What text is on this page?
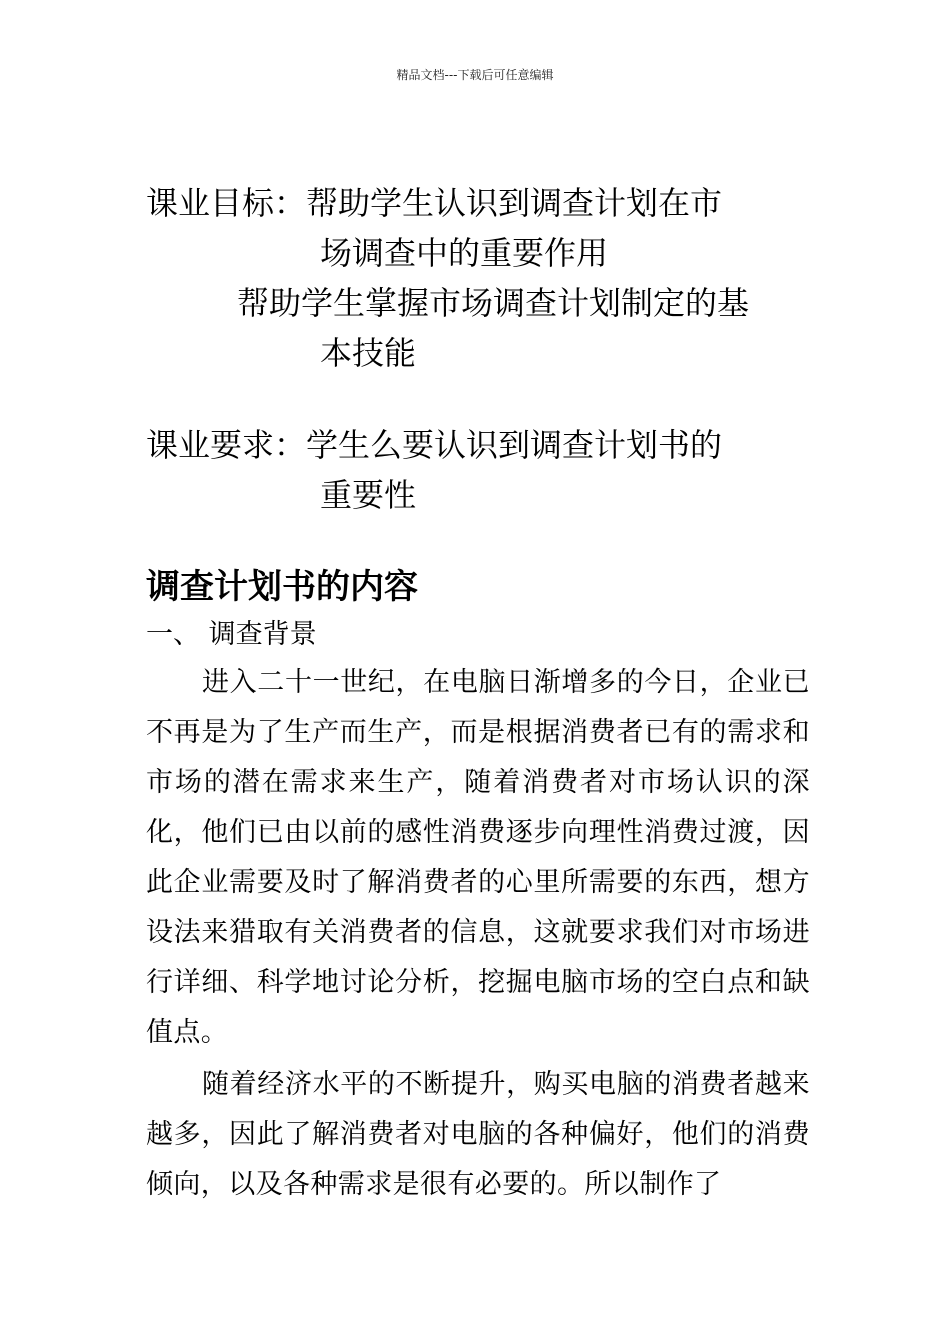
精品文档---下载后可任意编辑

课业目标：帮助学生认识到调查计划在市

场调查中的重要作用

帮助学生掌握市场调查计划制定的基

本技能

课业要求：学生么要认识到调查计划书的

重要性

调查计划书的内容

一、 调查背景

进入二十一世纪，在电脑日渐增多的今日，企业已不再是为了生产而生产，而是根据消费者已有的需求和市场的潜在需求来生产，随着消费者对市场认识的深化，他们已由以前的感性消费逐步向理性消费过渡，因此企业需要及时了解消费者的心里所需要的东西，想方设法来猎取有关消费者的信息，这就要求我们对市场进行详细、科学地讨论分析，挖掘电脑市场的空白点和缺值点。

随着经济水平的不断提升，购买电脑的消费者越来越多，因此了解消费者对电脑的各种偏好，他们的消费倾向，以及各种需求是很有必要的。所以制作了
